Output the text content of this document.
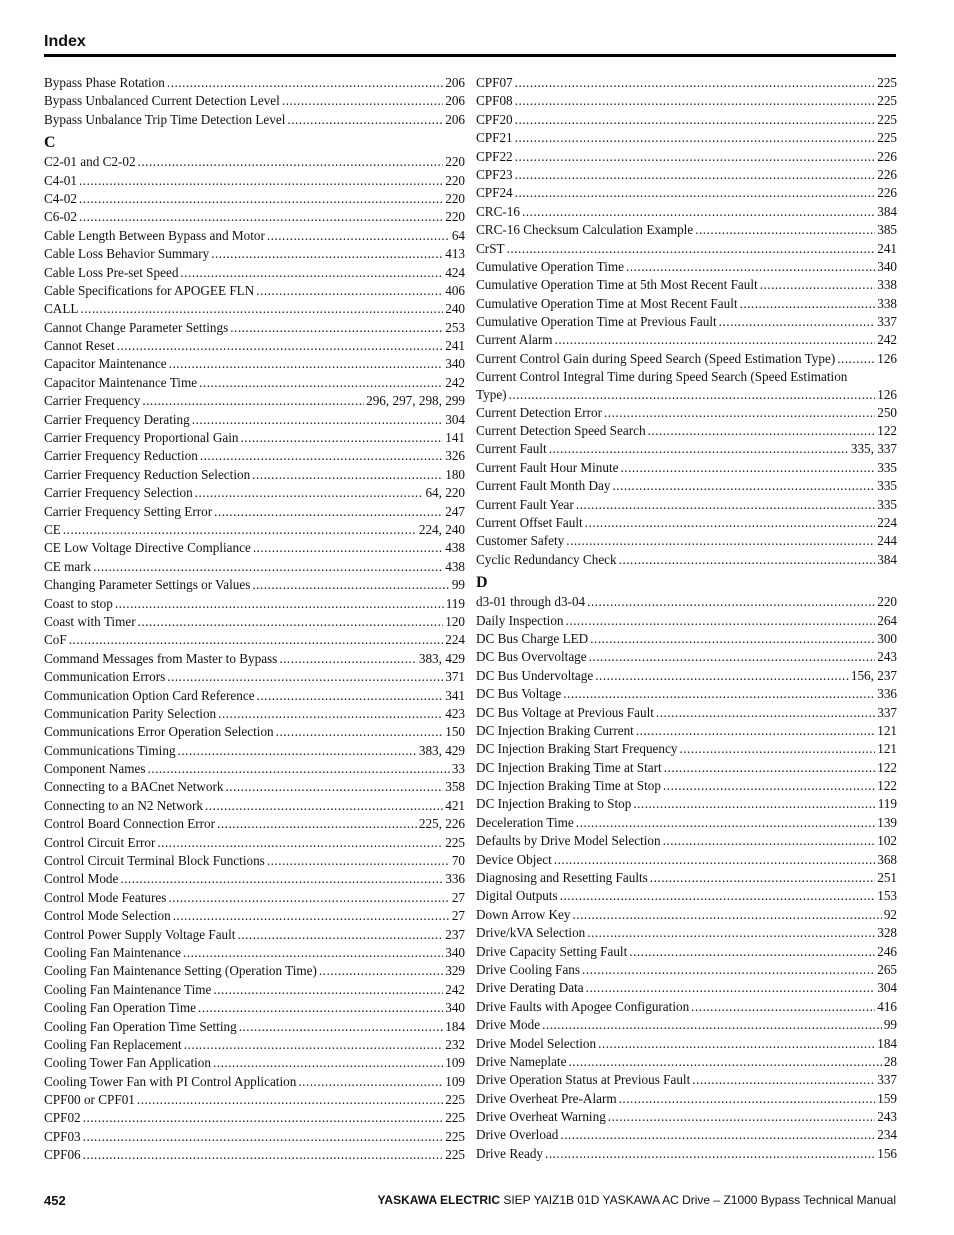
Index
Bypass Phase Rotation .....	206
Bypass Unbalanced Current Detection Level .....	206
Bypass Unbalance Trip Time Detection Level .....	206
C
C2-01 and C2-02 .....	220
C4-01 .....	220
C4-02 .....	220
C6-02 .....	220
Cable Length Between Bypass and Motor .....	64
Cable Loss Behavior Summary .....	413
Cable Loss Pre-set Speed .....	424
Cable Specifications for APOGEE FLN .....	406
CALL .....	240
Cannot Change Parameter Settings .....	253
Cannot Reset .....	241
Capacitor Maintenance .....	340
Capacitor Maintenance Time .....	242
Carrier Frequency .....	296, 297, 298, 299
Carrier Frequency Derating .....	304
Carrier Frequency Proportional Gain .....	141
Carrier Frequency Reduction .....	326
Carrier Frequency Reduction Selection .....	180
Carrier Frequency Selection .....	64, 220
Carrier Frequency Setting Error .....	247
CE .....	224, 240
CE Low Voltage Directive Compliance .....	438
CE mark .....	438
Changing Parameter Settings or Values .....	99
Coast to stop .....	119
Coast with Timer .....	120
CoF .....	224
Command Messages from Master to Bypass .....	383, 429
Communication Errors .....	371
Communication Option Card Reference .....	341
Communication Parity Selection .....	423
Communications Error Operation Selection .....	150
Communications Timing .....	383, 429
Component Names .....	33
Connecting to a BACnet Network .....	358
Connecting to an N2 Network .....	421
Control Board Connection Error .....	225, 226
Control Circuit Error .....	225
Control Circuit Terminal Block Functions .....	70
Control Mode .....	336
Control Mode Features .....	27
Control Mode Selection .....	27
Control Power Supply Voltage Fault .....	237
Cooling Fan Maintenance .....	340
Cooling Fan Maintenance Setting (Operation Time) .....	329
Cooling Fan Maintenance Time .....	242
Cooling Fan Operation Time .....	340
Cooling Fan Operation Time Setting .....	184
Cooling Fan Replacement .....	232
Cooling Tower Fan Application .....	109
Cooling Tower Fan with PI Control Application .....	109
CPF00 or CPF01 .....	225
CPF02 .....	225
CPF03 .....	225
CPF06 .....	225
CPF07 .....	225
CPF08 .....	225
CPF20 .....	225
CPF21 .....	225
CPF22 .....	226
CPF23 .....	226
CPF24 .....	226
CRC-16 .....	384
CRC-16 Checksum Calculation Example .....	385
CrST .....	241
Cumulative Operation Time .....	340
Cumulative Operation Time at 5th Most Recent Fault .....	338
Cumulative Operation Time at Most Recent Fault .....	338
Cumulative Operation Time at Previous Fault .....	337
Current Alarm .....	242
Current Control Gain during Speed Search (Speed Estimation Type) .....	126
Current Control Integral Time during Speed Search (Speed Estimation
Type) .....	126
Current Detection Error .....	250
Current Detection Speed Search .....	122
Current Fault .....	335, 337
Current Fault Hour Minute .....	335
Current Fault Month Day .....	335
Current Fault Year .....	335
Current Offset Fault .....	224
Customer Safety .....	244
Cyclic Redundancy Check .....	384
D
d3-01 through d3-04 .....	220
Daily Inspection .....	264
DC Bus Charge LED .....	300
DC Bus Overvoltage .....	243
DC Bus Undervoltage .....	156, 237
DC Bus Voltage .....	336
DC Bus Voltage at Previous Fault .....	337
DC Injection Braking Current .....	121
DC Injection Braking Start Frequency .....	121
DC Injection Braking Time at Start .....	122
DC Injection Braking Time at Stop .....	122
DC Injection Braking to Stop .....	119
Deceleration Time .....	139
Defaults by Drive Model Selection .....	102
Device Object .....	368
Diagnosing and Resetting Faults .....	251
Digital Outputs .....	153
Down Arrow Key .....	92
Drive/kVA Selection .....	328
Drive Capacity Setting Fault .....	246
Drive Cooling Fans .....	265
Drive Derating Data .....	304
Drive Faults with Apogee Configuration .....	416
Drive Mode .....	99
Drive Model Selection .....	184
Drive Nameplate .....	28
Drive Operation Status at Previous Fault .....	337
Drive Overheat Pre-Alarm .....	159
Drive Overheat Warning .....	243
Drive Overload .....	234
Drive Ready .....	156
452	YASKAWA ELECTRIC SIEP YAIZ1B 01D YASKAWA AC Drive – Z1000 Bypass Technical Manual
